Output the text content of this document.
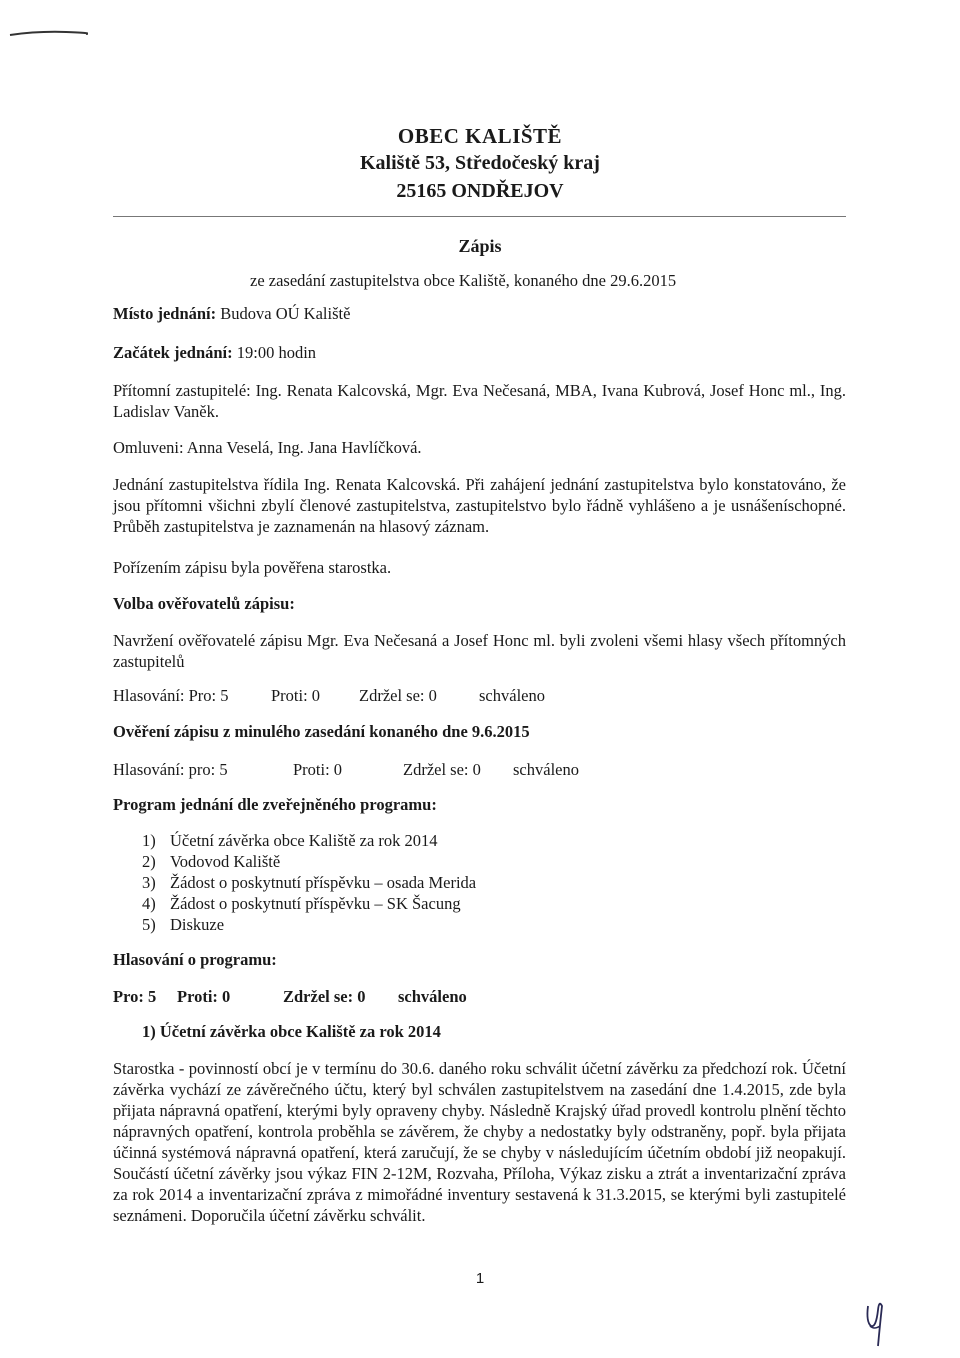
OBEC KALIŠTĚ
Kaliště 53, Středočeský kraj
25165 ONDŘEJOV
Zápis
ze zasedání zastupitelstva obce Kaliště, konaného dne 29.6.2015
Místo jednání: Budova OÚ Kaliště
Začátek jednání: 19:00 hodin
Přítomní zastupitelé: Ing. Renata Kalcovská, Mgr. Eva Nečesaná, MBA, Ivana Kubrová, Josef Honc ml., Ing. Ladislav Vaněk.
Omluveni: Anna Veselá, Ing. Jana Havlíčková.
Jednání zastupitelstva řídila Ing. Renata Kalcovská. Při zahájení jednání zastupitelstva bylo konstatováno, že jsou přítomni všichni zbylí členové zastupitelstva, zastupitelstvo bylo řádně vyhlášeno a je usnášeníschopné. Průběh zastupitelstva je zaznamenán na hlasový záznam.
Pořízením zápisu byla pověřena starostka.
Volba ověřovatelů zápisu:
Navržení ověřovatelé zápisu Mgr. Eva Nečesaná a Josef Honc ml. byli zvoleni všemi hlasy všech přítomných zastupitelů
Hlasování: Pro: 5	Proti: 0 Zdržel se: 0	schváleno
Ověření zápisu z minulého zasedání konaného dne 9.6.2015
Hlasování: pro: 5	Proti: 0	Zdržel se: 0 schváleno
Program jednání dle zveřejněného programu:
1) Účetní závěrka obce Kaliště za rok 2014
2) Vodovod Kaliště
3) Žádost o poskytnutí příspěvku – osada Merida
4) Žádost o poskytnutí příspěvku – SK Šacung
5) Diskuze
Hlasování o programu:
Pro: 5 Proti: 0	Zdržel se: 0 schváleno
1) Účetní závěrka obce Kaliště za rok 2014
Starostka - povinností obcí je v termínu do 30.6. daného roku schválit účetní závěrku za předchozí rok. Účetní závěrka vychází ze závěrečného účtu, který byl schválen zastupitelstvem na zasedání dne 1.4.2015, zde byla přijata nápravná opatření, kterými byly opraveny chyby. Následně Krajský úřad provedl kontrolu plnění těchto nápravných opatření, kontrola proběhla se závěrem, že chyby a nedostatky byly odstraněny, popř. byla přijata účinná systémová nápravná opatření, která zaručují, že se chyby v následujícím účetním období již neopakují. Součástí účetní závěrky jsou výkaz FIN 2-12M, Rozvaha, Příloha, Výkaz zisku a ztrát a inventarizační zpráva za rok 2014 a inventarizační zpráva z mimořádné inventury sestavená k 31.3.2015, se kterými byli zastupitelé seznámeni. Doporučila účetní závěrku schválit.
1
